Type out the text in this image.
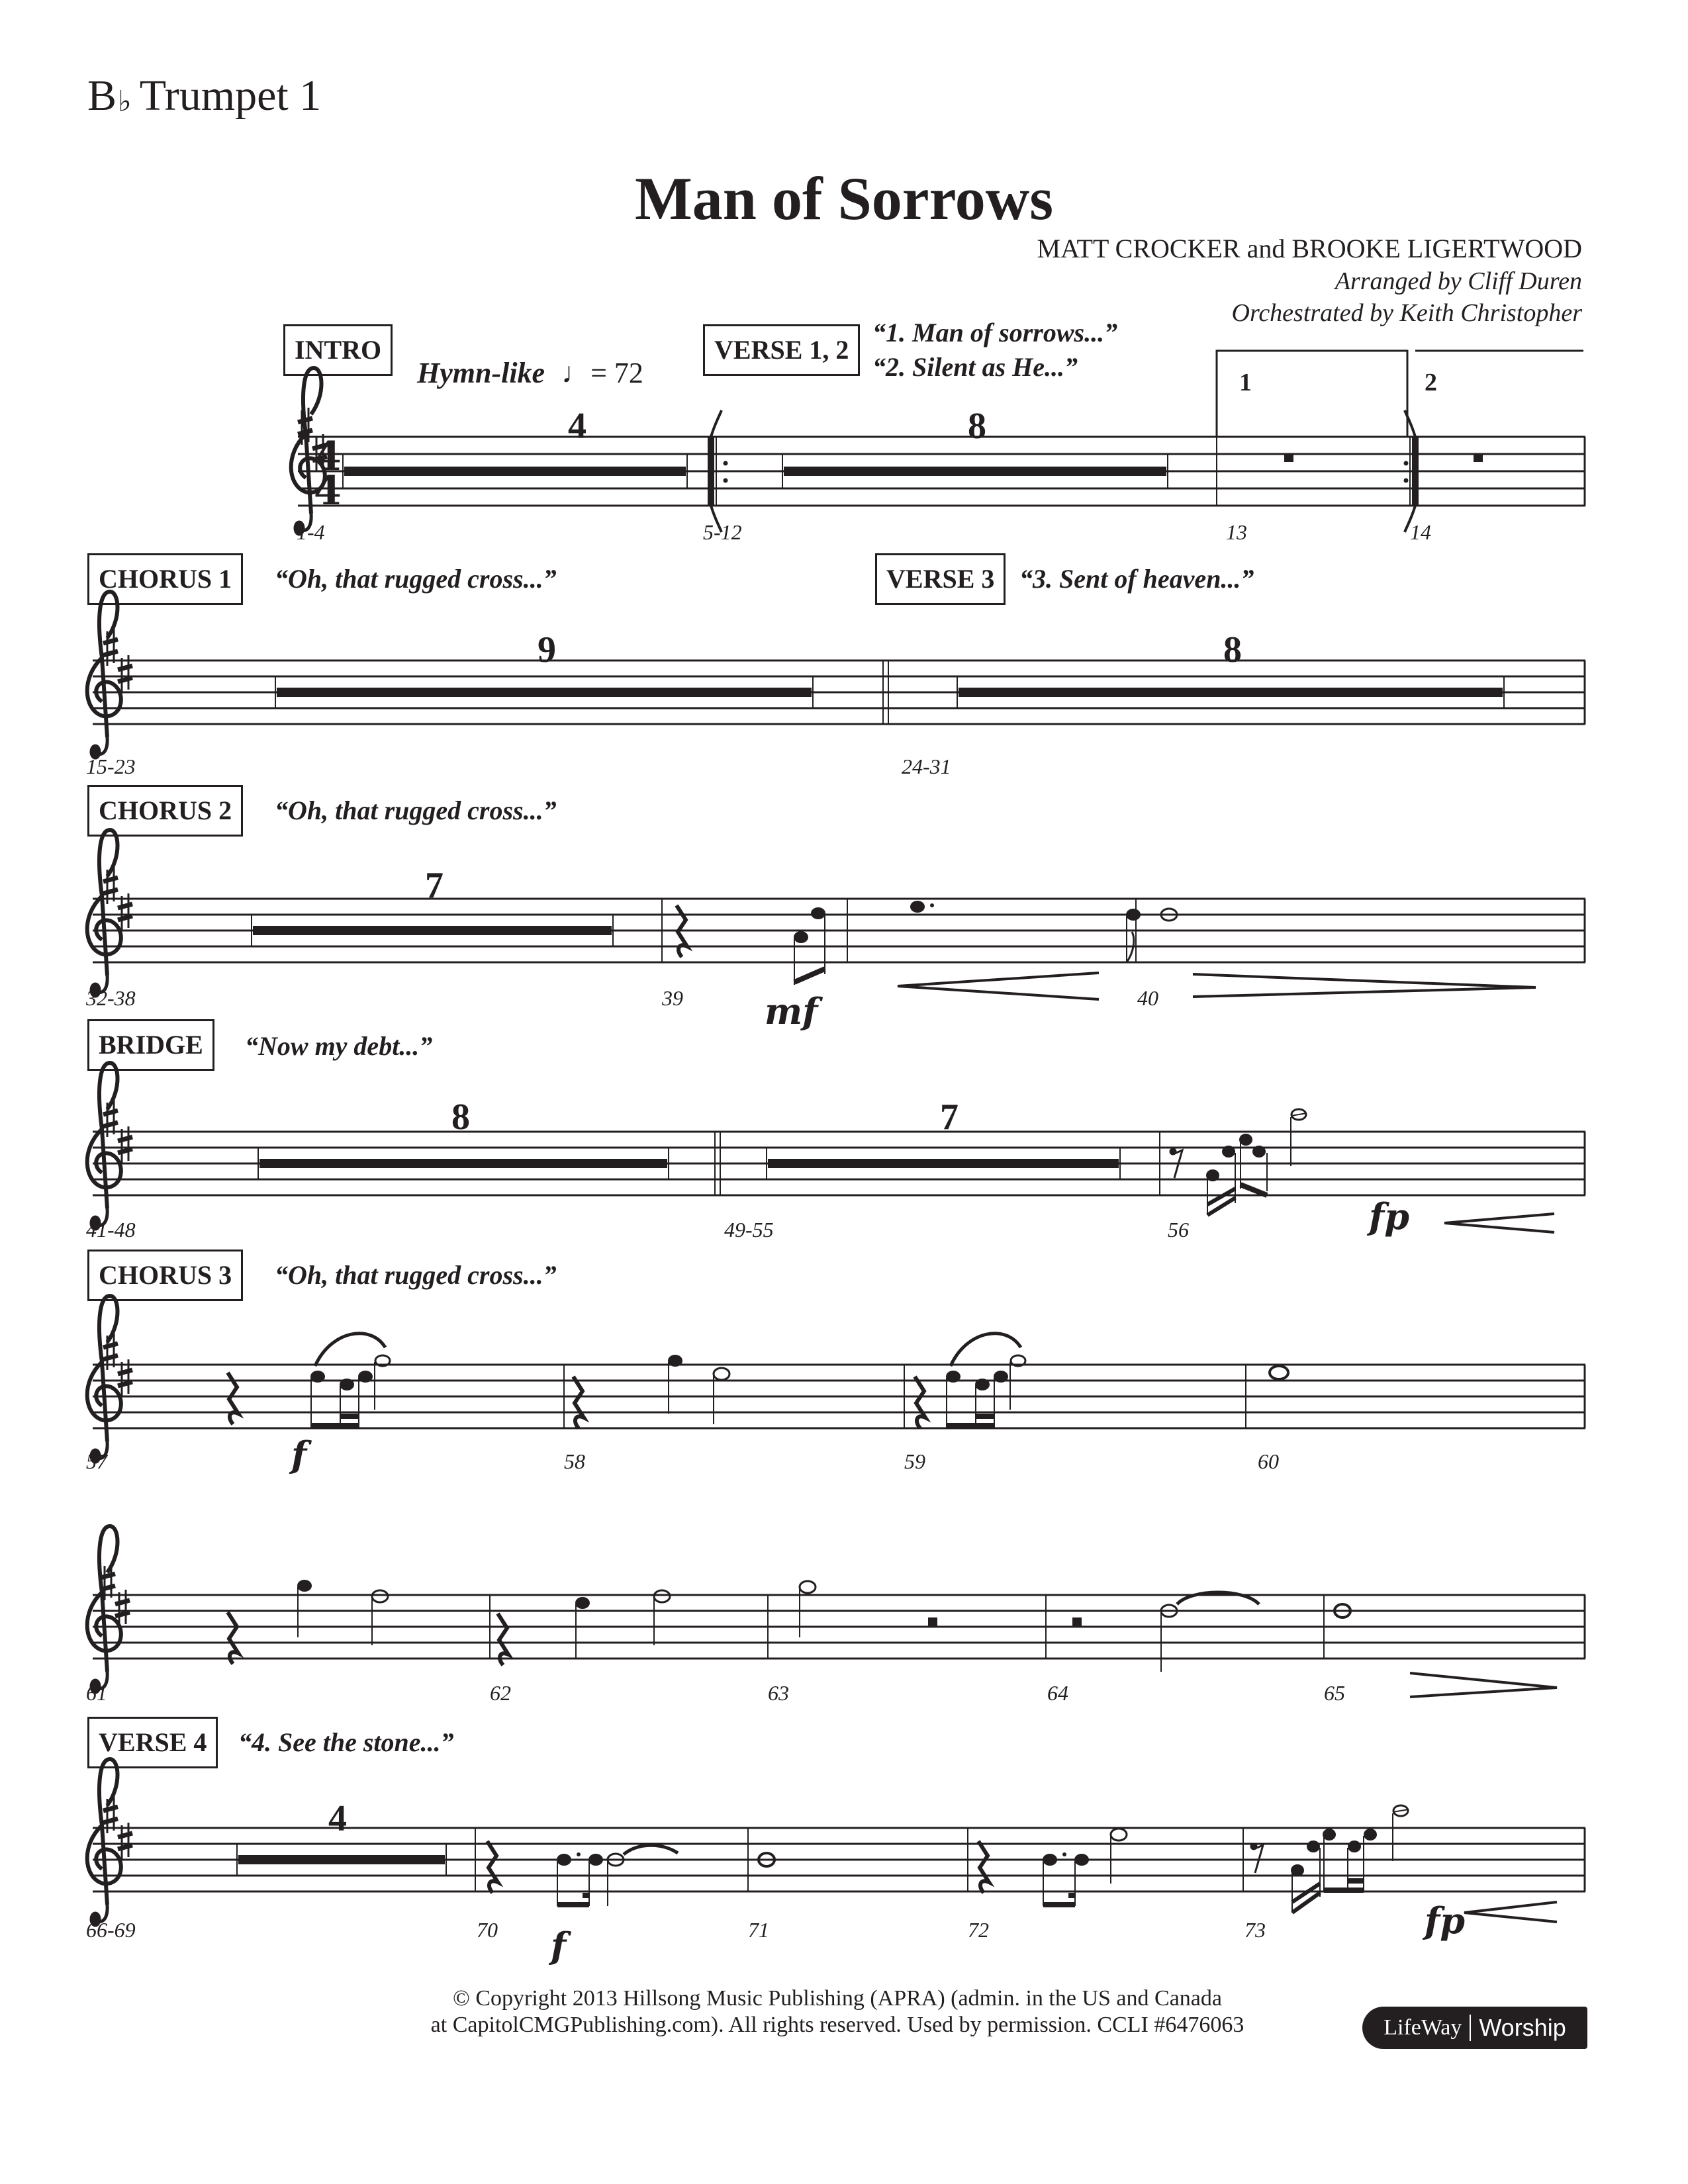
B♭ Trumpet 1
Man of Sorrows
MATT CROCKER and BROOKE LIGERTWOOD
Arranged by Cliff Duren
Orchestrated by Keith Christopher
INTRO
Hymn-like ♩= 72
VERSE 1, 2
“1. Man of sorrows...”
“2. Silent as He...”
CHORUS 1	“Oh, that rugged cross...”	VERSE 3 “3. Sent of heaven...”
CHORUS 2	“Oh, that rugged cross...”
BRIDGE	“Now my debt...”
CHORUS 3	“Oh, that rugged cross...”
VERSE 4	“4. See the stone...”
1	2
4	8
9	8
7
8	7
4
1-4	5-12	13	14
15-23	24-31
32-38	39	40
41-48	49-55	56
57	58	59	60
61	62	63	64	65
66-69	70	71	72	73
mf
fp
f
f
fp
4
4
© Copyright 2013 Hillsong Music Publishing (APRA) (admin. in the US and Canada
at CapitolCMGPublishing.com). All rights reserved. Used by permission. CCLI #6476063	LifeWay Worship
